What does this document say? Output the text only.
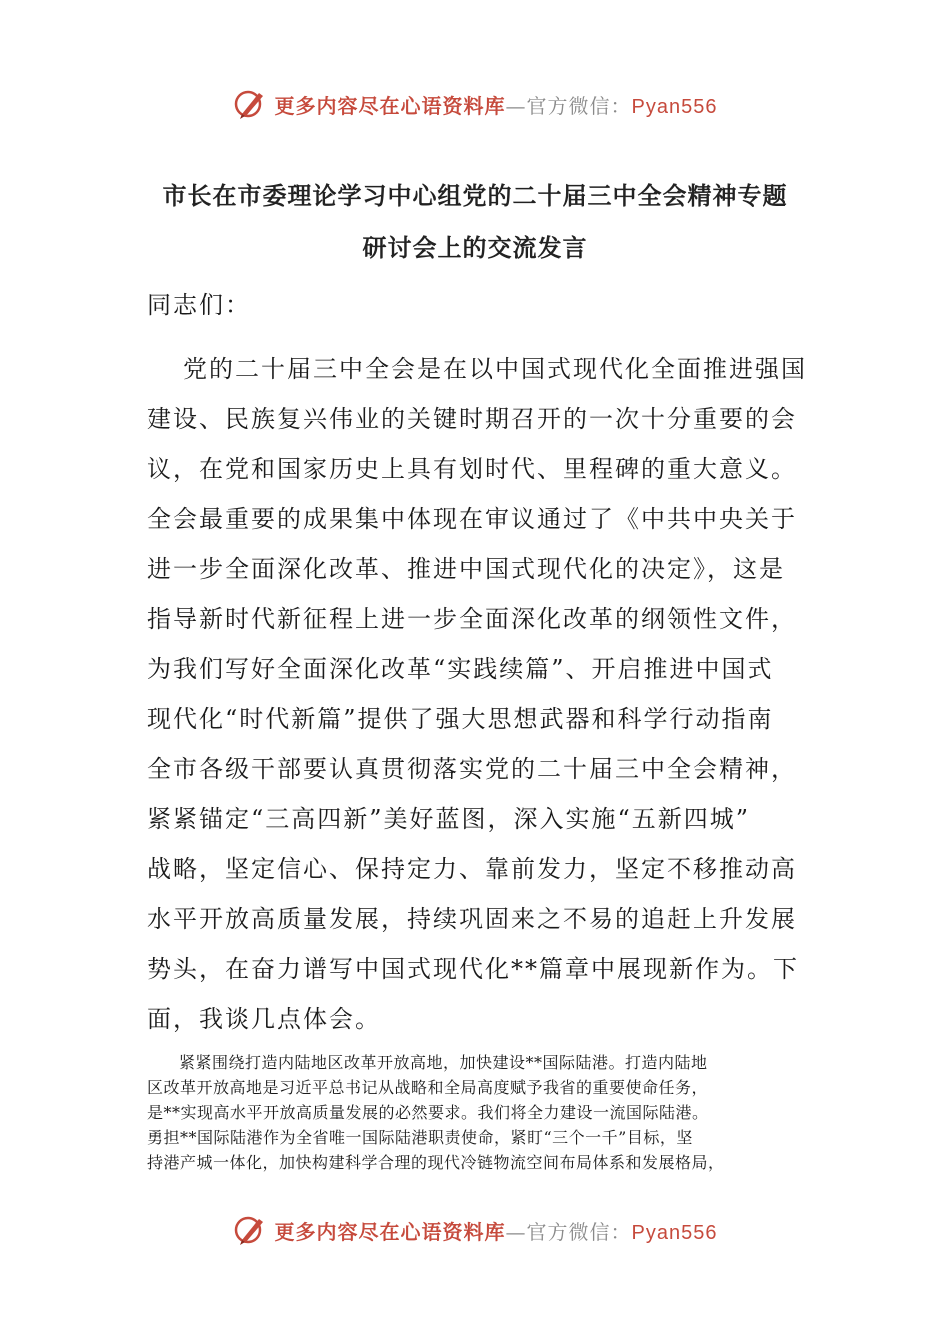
更多内容尽在心语资料库—官方微信：Pyan556
市长在市委理论学习中心组党的二十届三中全会精神专题
研讨会上的交流发言
同志们：
党的二十届三中全会是在以中国式现代化全面推进强国
建设、民族复兴伟业的关键时期召开的一次十分重要的会
议，在党和国家历史上具有划时代、里程碑的重大意义。
全会最重要的成果集中体现在审议通过了《中共中央关于
进一步全面深化改革、推进中国式现代化的决定》，这是
指导新时代新征程上进一步全面深化改革的纲领性文件，
为我们写好全面深化改革“实践续篇”、开启推进中国式
现代化“时代新篇”提供了强大思想武器和科学行动指南
全市各级干部要认真贯彻落实党的二十届三中全会精神，
紧紧锚定“三高四新”美好蓝图，深入实施“五新四城”
战略，坚定信心、保持定力、靠前发力，坚定不移推动高
水平开放高质量发展，持续巩固来之不易的追赶上升发展
势头，在奋力谱写中国式现代化**篇章中展现新作为。下
面，我谈几点体会。
紧紧围绕打造内陆地区改革开放高地，加快建设**国际陆港。打造内陆地
区改革开放高地是习近平总书记从战略和全局高度赋予我省的重要使命任务，
是**实现高水平开放高质量发展的必然要求。我们将全力建设一流国际陆港。
勇担**国际陆港作为全省唯一国际陆港职责使命，紧盯“三个一千”目标，坚
持港产城一体化，加快构建科学合理的现代冷链物流空间布局体系和发展格局，
更多内容尽在心语资料库—官方微信：Pyan556
